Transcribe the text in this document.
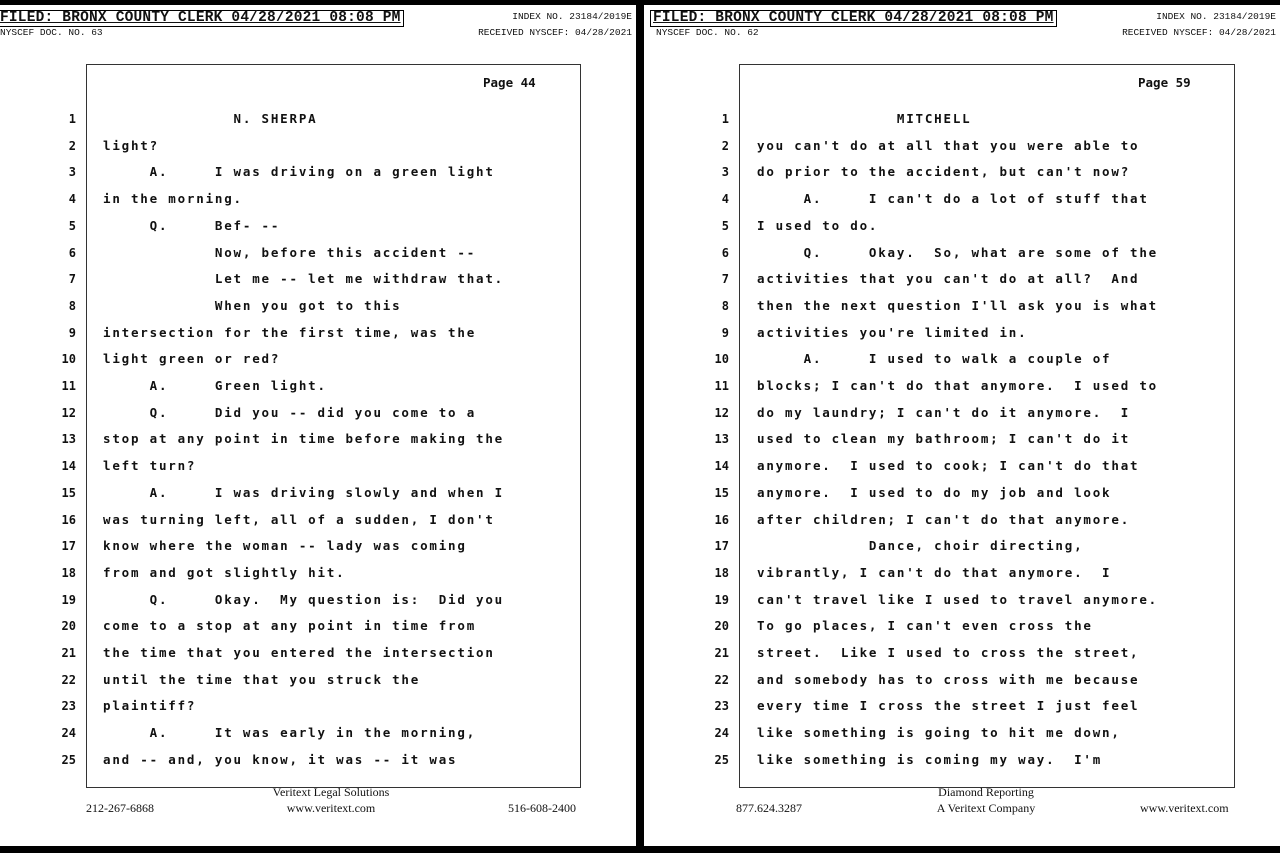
FILED: BRONX COUNTY CLERK 04/28/2021 08:08 PM	INDEX NO. 23184/2019E
NYSCEF DOC. NO. 63	RECEIVED NYSCEF: 04/28/2021
Page 44
Veritext Legal Solutions
212-267-6868	www.veritext.com	516-608-2400
1 N. SHERPA
2 light?
3 A.     I was driving on a green light
4 in the morning.
5 Q.     Bef- --
6 Now, before this accident --
7 Let me -- let me withdraw that.
8 When you got to this
9 intersection for the first time, was the
10 light green or red?
11 A.     Green light.
12 Q.     Did you -- did you come to a
13 stop at any point in time before making the
14 left turn?
15 A.     I was driving slowly and when I
16 was turning left, all of a sudden, I don't
17 know where the woman -- lady was coming
18 from and got slightly hit.
19 Q.     Okay.  My question is:  Did you
20 come to a stop at any point in time from
21 the time that you entered the intersection
22 until the time that you struck the
23 plaintiff?
24 A.     It was early in the morning,
25 and -- and, you know, it was -- it was
FILED: BRONX COUNTY CLERK 04/28/2021 08:08 PM	INDEX NO. 23184/2019E
NYSCEF DOC. NO. 62	RECEIVED NYSCEF: 04/28/2021
Page 59
Diamond Reporting
A Veritext Company
877.624.3287	www.veritext.com
1 MITCHELL
2 you can't do at all that you were able to
3 do prior to the accident, but can't now?
4 A.     I can't do a lot of stuff that
5 I used to do.
6 Q.     Okay.  So, what are some of the
7 activities that you can't do at all?  And
8 then the next question I'll ask you is what
9 activities you're limited in.
10 A.     I used to walk a couple of
11 blocks; I can't do that anymore.  I used to
12 do my laundry; I can't do it anymore.  I
13 used to clean my bathroom; I can't do it
14 anymore.  I used to cook; I can't do that
15 anymore.  I used to do my job and look
16 after children; I can't do that anymore.
17 Dance, choir directing,
18 vibrantly, I can't do that anymore.  I
19 can't travel like I used to travel anymore.
20 To go places, I can't even cross the
21 street.  Like I used to cross the street,
22 and somebody has to cross with me because
23 every time I cross the street I just feel
24 like something is going to hit me down,
25 like something is coming my way.  I'm
